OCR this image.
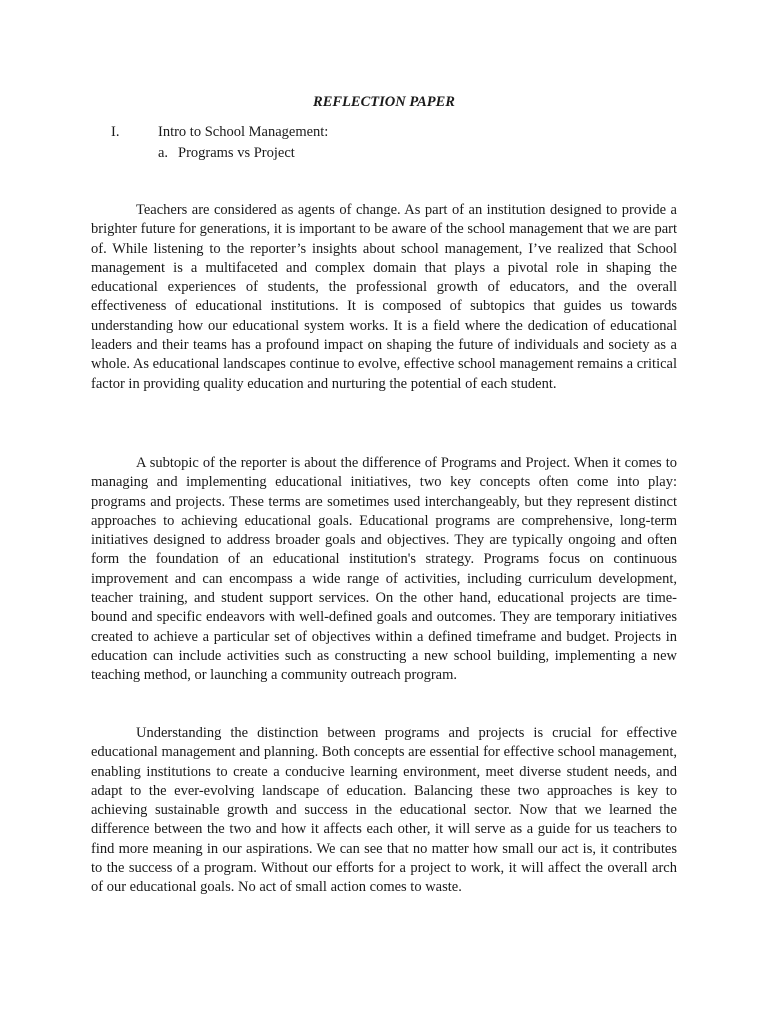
REFLECTION PAPER
I.	Intro to School Management:
a. Programs vs Project

Teachers are considered as agents of change. As part of an institution designed to provide a brighter future for generations, it is important to be aware of the school management that we are part of. While listening to the reporter’s insights about school management, I’ve realized that School management is a multifaceted and complex domain that plays a pivotal role in shaping the educational experiences of students, the professional growth of educators, and the overall effectiveness of educational institutions. It is composed of subtopics that guides us towards understanding how our educational system works. It is a field where the dedication of educational leaders and their teams has a profound impact on shaping the future of individuals and society as a whole. As educational landscapes continue to evolve, effective school management remains a critical factor in providing quality education and nurturing the potential of each student.

A subtopic of the reporter is about the difference of Programs and Project. When it comes to managing and implementing educational initiatives, two key concepts often come into play: programs and projects. These terms are sometimes used interchangeably, but they represent distinct approaches to achieving educational goals. Educational programs are comprehensive, long-term initiatives designed to address broader goals and objectives. They are typically ongoing and often form the foundation of an educational institution's strategy. Programs focus on continuous improvement and can encompass a wide range of activities, including curriculum development, teacher training, and student support services. On the other hand, educational projects are time-bound and specific endeavors with well-defined goals and outcomes. They are temporary initiatives created to achieve a particular set of objectives within a defined timeframe and budget. Projects in education can include activities such as constructing a new school building, implementing a new teaching method, or launching a community outreach program.

Understanding the distinction between programs and projects is crucial for effective educational management and planning. Both concepts are essential for effective school management, enabling institutions to create a conducive learning environment, meet diverse student needs, and adapt to the ever-evolving landscape of education. Balancing these two approaches is key to achieving sustainable growth and success in the educational sector. Now that we learned the difference between the two and how it affects each other, it will serve as a guide for us teachers to find more meaning in our aspirations. We can see that no matter how small our act is, it contributes to the success of a program. Without our efforts for a project to work, it will affect the overall arch of our educational goals. No act of small action comes to waste.
